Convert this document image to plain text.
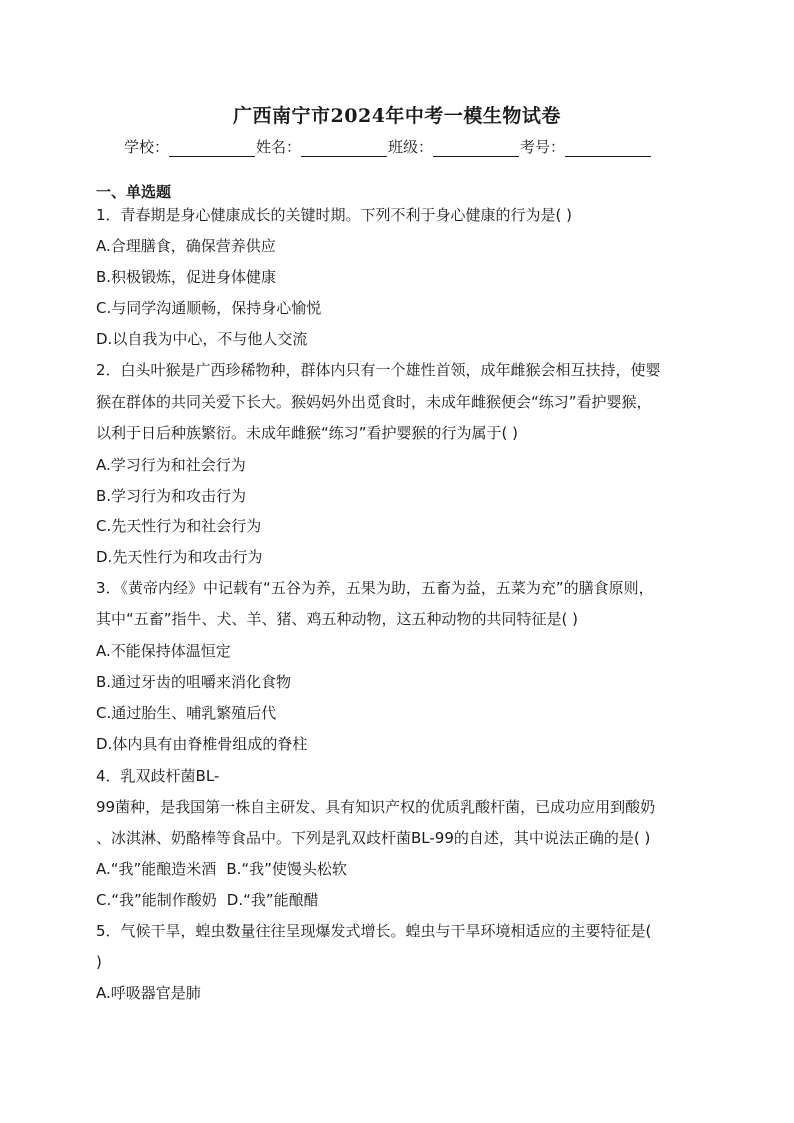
广西南宁市2024年中考一模生物试卷
学校：	姓名：	班级：	考号：
一、单选题
1．青春期是身心健康成长的关键时期。下列不利于身心健康的行为是( )
A.合理膳食，确保营养供应
B.积极锻炼，促进身体健康
C.与同学沟通顺畅，保持身心愉悦
D.以自我为中心，不与他人交流
2．白头叶猴是广西珍稀物种，群体内只有一个雄性首领，成年雌猴会相互扶持，使婴
猴在群体的共同关爱下长大。猴妈妈外出觅食时，未成年雌猴便会“练习”看护婴猴，
以利于日后种族繁衍。未成年雌猴“练习”看护婴猴的行为属于( )
A.学习行为和社会行为
B.学习行为和攻击行为
C.先天性行为和社会行为
D.先天性行为和攻击行为
3．《黄帝内经》中记载有“五谷为养，五果为助，五畜为益，五菜为充”的膳食原则，
其中“五畜”指牛、犬、羊、猪、鸡五种动物，这五种动物的共同特征是( )
A.不能保持体温恒定
B.通过牙齿的咀嚼来消化食物
C.通过胎生、哺乳繁殖后代
D.体内具有由脊椎骨组成的脊柱
4．乳双歧杆菌BL-
99菌种，是我国第一株自主研发、具有知识产权的优质乳酸杆菌，已成功应用到酸奶
、冰淇淋、奶酪棒等食品中。下列是乳双歧杆菌BL-99的自述，其中说法正确的是( )
A.“我”能酿造米酒 B.“我”使馒头松软
C.“我”能制作酸奶 D.“我”能酿醋
5．气候干旱，蝗虫数量往往呈现爆发式增长。蝗虫与干旱环境相适应的主要特征是(
)
A.呼吸器官是肺
